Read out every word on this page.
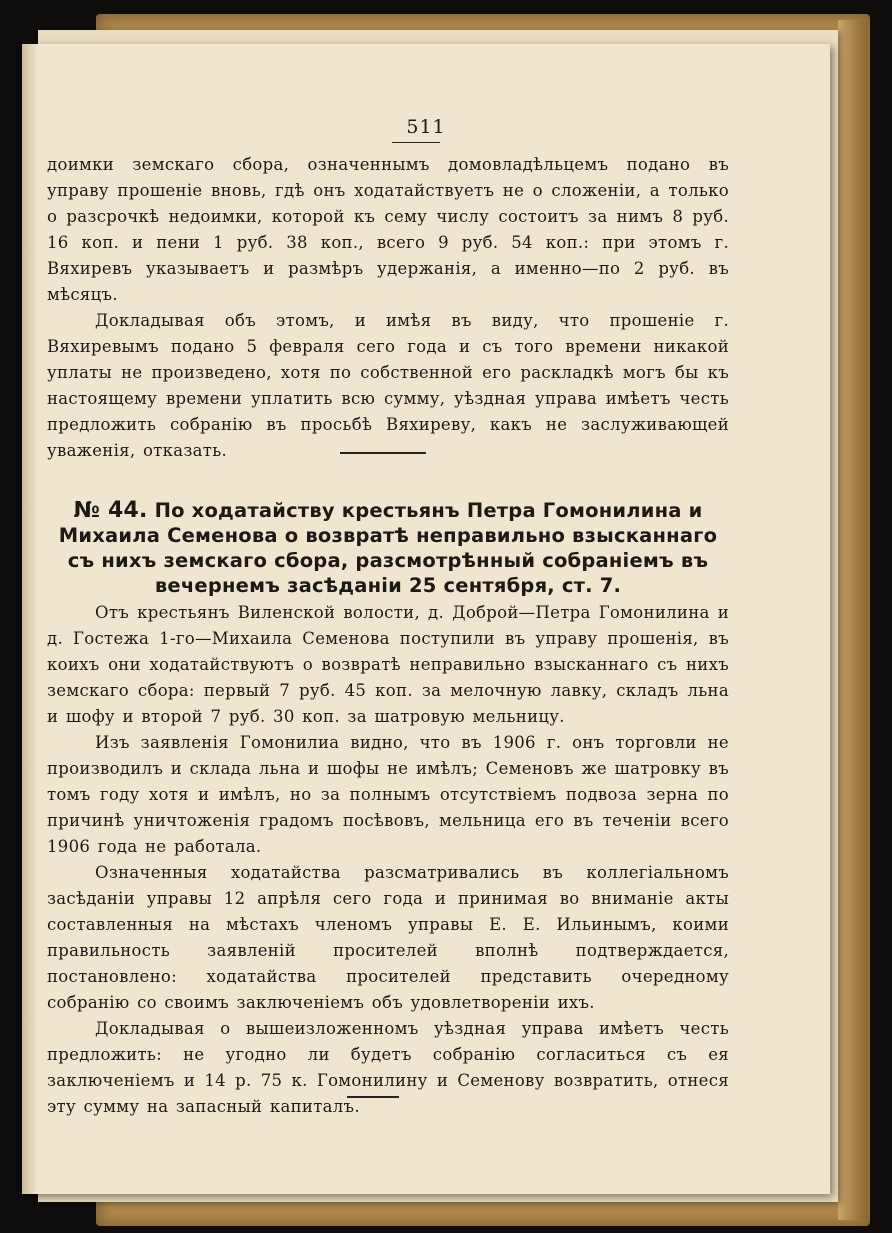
511

доимки земскаго сбора, означеннымъ домовладѣльцемъ подано въ управу прошеніе вновь, гдѣ онъ ходатайствуетъ не о сложеніи, а только о разсрочкѣ недоимки, которой къ сему числу состоитъ за нимъ 8 руб. 16 коп. и пени 1 руб. 38 коп., всего 9 руб. 54 коп.: при этомъ г. Вяхиревъ указываетъ и размѣръ удержанія, а именно—по 2 руб. въ мѣсяцъ.

Докладывая объ этомъ, и имѣя въ виду, что прошеніе г. Вяхиревымъ подано 5 февраля сего года и съ того времени никакой уплаты не произведено, хотя по собственной его раскладкѣ могъ бы къ настоящему времени уплатить всю сумму, уѣздная управа имѣетъ честь предложить собранію въ просьбѣ Вяхиреву, какъ не заслуживающей уваженія, отказать.

№ 44. По ходатайству крестьянъ Петра Гомонилина и Михаила Семенова о возвратѣ неправильно взысканнаго съ нихъ земскаго сбора, разсмотрѣнный собраніемъ въ вечернемъ засѣданіи 25 сентября, ст. 7.

Отъ крестьянъ Виленской волости, д. Доброй—Петра Гомонилина и д. Гостежа 1-го—Михаила Семенова поступили въ управу прошенія, въ коихъ они ходатайствуютъ о возвратѣ неправильно взысканнаго съ нихъ земскаго сбора: первый 7 руб. 45 коп. за мелочную лавку, складъ льна и шофу и второй 7 руб. 30 коп. за шатровую мельницу.

Изъ заявленія Гомонилиа видно, что въ 1906 г. онъ торговли не производилъ и склада льна и шофы не имѣлъ; Семеновъ же шатровку въ томъ году хотя и имѣлъ, но за полнымъ отсутствіемъ подвоза зерна по причинѣ уничтоженія градомъ посѣвовъ, мельница его въ теченіи всего 1906 года не работала.

Означенныя ходатайства разсматривались въ коллегіальномъ засѣданіи управы 12 апрѣля сего года и принимая во вниманіе акты составленныя на мѣстахъ членомъ управы Е. Е. Ильинымъ, коими правильность заявленій просителей вполнѣ подтверждается, постановлено: ходатайства просителей представить очередному собранію со своимъ заключеніемъ объ удовлетвореніи ихъ.

Докладывая о вышеизложенномъ уѣздная управа имѣетъ честь предложить: не угодно ли будетъ собранію согласиться съ ея заключеніемъ и 14 р. 75 к. Гомонилину и Семенову возвратить, отнеся эту сумму на запасный капиталъ.
